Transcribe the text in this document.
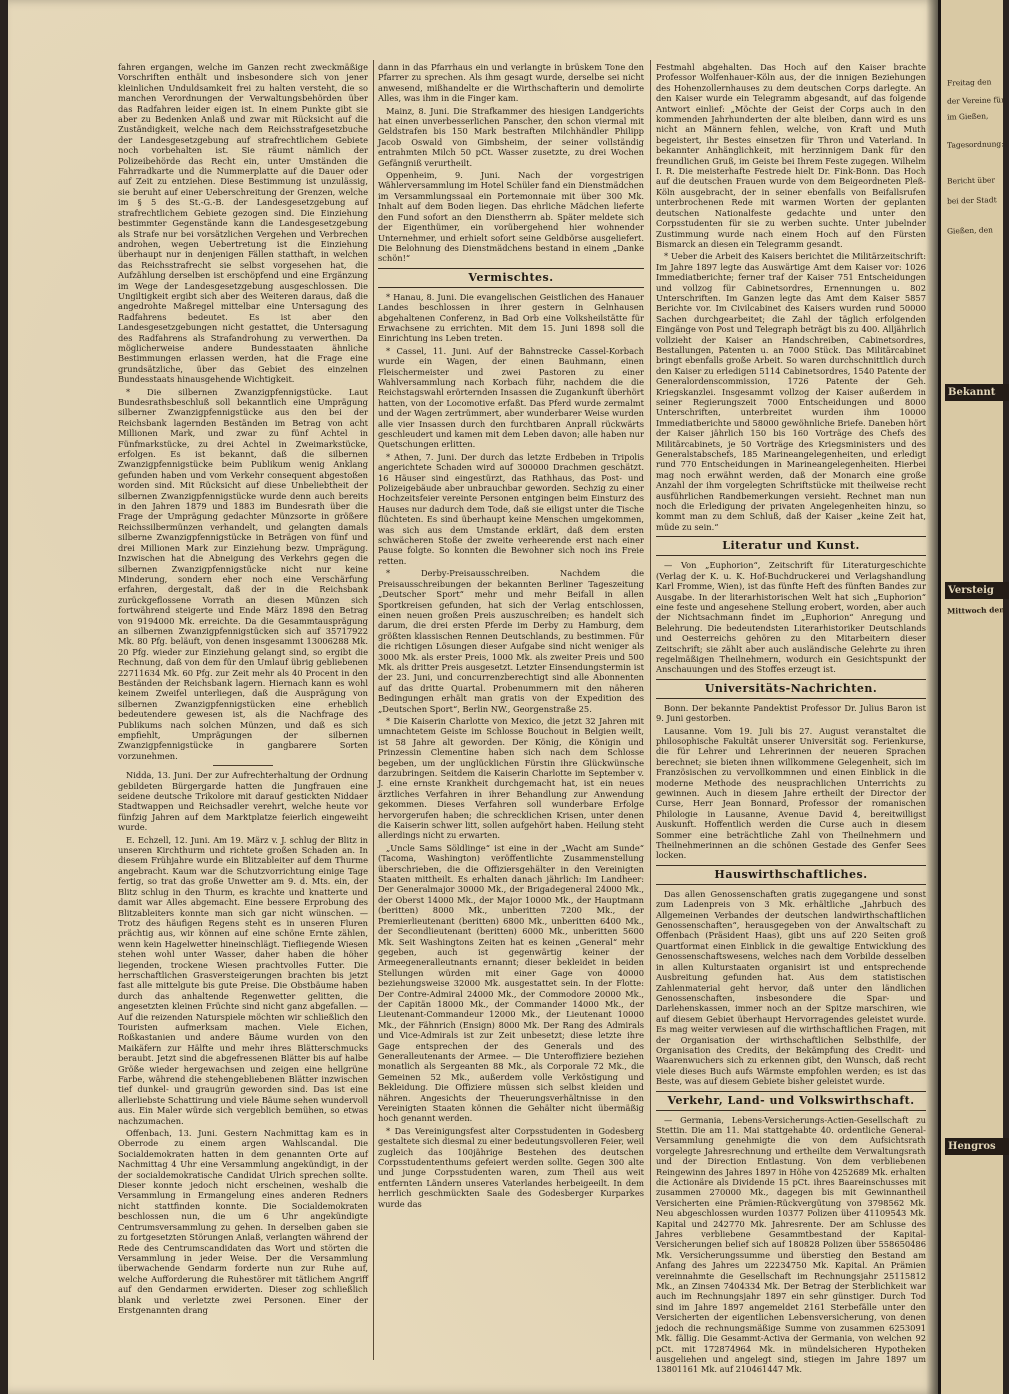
fahren ergangen, welche im Ganzen recht zweckmäßige Vorschriften enthält und insbesondere sich von jener kleinlichen Unduldsamkeit frei zu halten versteht, die so manchen Verordnungen der Verwaltungsbehörden über das Radfahren leider eigen ist. In einem Punkte gibt sie aber zu Bedenken Anlaß und zwar mit Rücksicht auf die Zuständigkeit, welche nach dem Reichsstrafgesetzbuche der Landesgesetzgebung auf strafrechtlichem Gebiete noch vorbehalten ist. Sie räumt nämlich der Polizeibehörde das Recht ein, unter Umständen die Fahrradkarte und die Nummerplatte auf die Dauer oder auf Zeit zu entziehen. Diese Bestimmung ist unzulässig, sie beruht auf einer Ueberschreitung der Grenzen, welche im § 5 des St.-G.-B. der Landesgesetzgebung auf strafrechtlichem Gebiete gezogen sind. Die Einziehung bestimmter Gegenstände kann die Landesgesetzgebung als Strafe nur bei vorsätzlichen Vergehen und Verbrechen androhen, wegen Uebertretung ist die Einziehung überhaupt nur in denjenigen Fällen statthaft, in welchen das Reichsstrafrecht sie selbst vorgesehen hat, die Aufzählung derselben ist erschöpfend und eine Ergänzung im Wege der Landesgesetzgebung ausgeschlossen. Die Ungiltigkeit ergibt sich aber des Weiteren daraus, daß die angedrohte Maßregel mittelbar eine Untersagung des Radfahrens bedeutet. Es ist aber den Landesgesetzgebungen nicht gestattet, die Untersagung des Radfahrens als Strafandrohung zu verwerthen. Da möglicherweise andere Bundesstaaten ähnliche Bestimmungen erlassen werden, hat die Frage eine grundsätzliche, über das Gebiet des einzelnen Bundesstaats hinausgehende Wichtigkeit.

* Die silbernen Zwanzigpfennigstücke. Laut Bundesrathsbeschluß soll bekanntlich eine Umprägung silberner Zwanzigpfennigstücke aus den bei der Reichsbank lagernden Beständen im Betrag von acht Millionen Mark, und zwar zu fünf Achtel in Fünfmarkstücke, zu drei Achtel in Zweimarkstücke, erfolgen. Es ist bekannt, daß die silbernen Zwanzigpfennigstücke beim Publikum wenig Anklang gefunden haben und vom Verkehr consequent abgestoßen worden sind. Mit Rücksicht auf diese Unbeliebtheit der silbernen Zwanzigpfennigstücke wurde denn auch bereits in den Jahren 1879 und 1883 im Bundesrath über die Frage der Umprägung gedachter Münzsorte in größere Reichssilbermünzen verhandelt, und gelangten damals silberne Zwanzigpfennigstücke in Beträgen von fünf und drei Millionen Mark zur Einziehung bezw. Umprägung. Inzwischen hat die Abneigung des Verkehrs gegen die silbernen Zwanzigpfennigstücke nicht nur keine Minderung, sondern eher noch eine Verschärfung erfahren, dergestalt, daß der in die Reichsbank zurückgeflossene Vorrath an diesen Münzen sich fortwährend steigerte und Ende März 1898 den Betrag von 9194000 Mk. erreichte. Da die Gesammtausprägung an silbernen Zwanzigpfennigstücken sich auf 35717922 Mk. 80 Pfg. beläuft, von denen insgesammt 13006288 Mk. 20 Pfg. wieder zur Einziehung gelangt sind, so ergibt die Rechnung, daß von dem für den Umlauf übrig gebliebenen 22711634 Mk. 60 Pfg. zur Zeit mehr als 40 Procent in den Beständen der Reichsbank lagern. Hiernach kann es wohl keinem Zweifel unterliegen, daß die Ausprägung von silbernen Zwanzigpfennigstücken eine erheblich bedeutendere gewesen ist, als die Nachfrage des Publikums nach solchen Münzen, und daß es sich empfiehlt, Umprägungen der silbernen Zwanzigpfennigstücke in gangbarere Sorten vorzunehmen.

Nidda, 13. Juni. Der zur Aufrechterhaltung der Ordnung gebildeten Bürgergarde hatten die Jungfrauen eine seidene deutsche Trikolore mit darauf gestickten Niddaer Stadtwappen und Reichsadler verehrt, welche heute vor fünfzig Jahren auf dem Marktplatze feierlich eingeweiht wurde.

E. Echzell, 12. Juni. Am 19. März v. J. schlug der Blitz in unseren Kirchthurm und richtete großen Schaden an. In diesem Frühjahre wurde ein Blitzableiter auf dem Thurme angebracht. Kaum war die Schutzvorrichtung einige Tage fertig, so trat das große Unwetter am 9. d. Mts. ein, der Blitz schlug in den Thurm, es krachte und knatterte und damit war Alles abgemacht. Eine bessere Erprobung des Blitzableiters konnte man sich gar nicht wünschen. — Trotz des häufigen Regens steht es in unseren Fluren prächtig aus, wir können auf eine schöne Ernte zählen, wenn kein Hagelwetter hineinschlägt. Tiefliegende Wiesen stehen wohl unter Wasser, daher haben die höher liegenden, trockene Wiesen prachtvolles Futter. Die herrschaftlichen Grasversteigerungen brachten bis jetzt fast alle mittelgute bis gute Preise. Die Obstbäume haben durch das anhaltende Regenwetter gelitten, die angesetzten kleinen Früchte sind nicht ganz abgefallen. — Auf die reizenden Naturspiele möchten wir schließlich den Touristen aufmerksam machen. Viele Eichen, Roßkastanien und andere Bäume wurden von den Maikäfern zur Hälfte und mehr ihres Blätterschmucks beraubt. Jetzt sind die abgefressenen Blätter bis auf halbe Größe wieder hergewachsen und zeigen eine hellgrüne Farbe, während die stehengebliebenen Blätter inzwischen tief dunkel- und graugrün geworden sind. Das ist eine allerliebste Schattirung und viele Bäume sehen wundervoll aus. Ein Maler würde sich vergeblich bemühen, so etwas nachzumachen.

Offenbach, 13. Juni. Gestern Nachmittag kam es in Oberrode zu einem argen Wahlscandal. Die Socialdemokraten hatten in dem genannten Orte auf Nachmittag 4 Uhr eine Versammlung angekündigt, in der der socialdemokratische Candidat Ulrich sprechen sollte. Dieser konnte jedoch nicht erscheinen, weshalb die Versammlung in Ermangelung eines anderen Redners nicht stattfinden konnte. Die Socialdemokraten beschlossen nun, die um 6 Uhr angekündigte Centrumsversammlung zu gehen. In derselben gaben sie zu fortgesetzten Störungen Anlaß, verlangten während der Rede des Centrumscandidaten das Wort und störten die Versammlung in jeder Weise. Der die Versammlung überwachende Gendarm forderte nun zur Ruhe auf, welche Aufforderung die Ruhestörer mit tätlichem Angriff auf den Gendarmen erwiderten. Dieser zog schließlich blank und verletzte zwei Personen. Einer der Erstgenannten drang

dann in das Pfarrhaus ein und verlangte in brüskem Tone den Pfarrer zu sprechen. Als ihm gesagt wurde, derselbe sei nicht anwesend, mißhandelte er die Wirthschafterin und demolirte Alles, was ihm in die Finger kam.

Mainz, 8. Juni. Die Strafkammer des hiesigen Landgerichts hat einen unverbesserlichen Panscher, den schon viermal mit Geldstrafen bis 150 Mark bestraften Milchhändler Philipp Jacob Oswald von Gimbsheim, der seiner vollständig entrahmten Milch 50 pCt. Wasser zusetzte, zu drei Wochen Gefängniß verurtheilt.

Oppenheim, 9. Juni. Nach der vorgestrigen Wählerversammlung im Hotel Schüler fand ein Dienstmädchen im Versammlungssaal ein Portemonnaie mit über 300 Mk. Inhalt auf dem Boden liegen. Das ehrliche Mädchen lieferte den Fund sofort an den Dienstherrn ab. Später meldete sich der Eigenthümer, ein vorübergehend hier wohnender Unternehmer, und erhielt sofort seine Geldbörse ausgeliefert. Die Belohnung des Dienstmädchens bestand in einem „Danke schön!“

Vermischtes.

* Hanau, 8. Juni. Die evangelischen Geistlichen des Hanauer Landes beschlossen in ihrer gestern in Gelnhausen abgehaltenen Conferenz, in Bad Orb eine Volksheilstätte für Erwachsene zu errichten. Mit dem 15. Juni 1898 soll die Einrichtung ins Leben treten.

* Cassel, 11. Juni. Auf der Bahnstrecke Cassel-Korbach wurde ein Wagen, der einen Bauhmann, einen Fleischermeister und zwei Pastoren zu einer Wahlversammlung nach Korbach führ, nachdem die die Reichstagswahl erörternden Insassen die Zugankunft überhört hatten, von der Locomotive erfaßt. Das Pferd wurde zermalmt und der Wagen zertrümmert, aber wunderbarer Weise wurden alle vier Insassen durch den furchtbaren Anprall rückwärts geschleudert und kamen mit dem Leben davon; alle haben nur Quetschungen erlitten.

* Athen, 7. Juni. Der durch das letzte Erdbeben in Tripolis angerichtete Schaden wird auf 300000 Drachmen geschätzt. 16 Häuser sind eingestürzt, das Rathhaus, das Post- und Polizeigebäude aber unbrauchbar geworden. Sechzig zu einer Hochzeitsfeier vereinte Personen entgingen beim Einsturz des Hauses nur dadurch dem Tode, daß sie eiligst unter die Tische flüchteten. Es sind überhaupt keine Menschen umgekommen, was sich aus dem Umstande erklärt, daß dem ersten schwächeren Stoße der zweite verheerende erst nach einer Pause folgte. So konnten die Bewohner sich noch ins Freie retten.

* Derby-Preisausschreiben. Nachdem die Preisausschreibungen der bekannten Berliner Tageszeitung „Deutscher Sport“ mehr und mehr Beifall in allen Sportkreisen gefunden, hat sich der Verlag entschlossen, einen neuen großen Preis auszuschreiben; es handelt sich darum, die drei ersten Pferde im Derby zu Hamburg, dem größten klassischen Rennen Deutschlands, zu bestimmen. Für die richtigen Lösungen dieser Aufgabe sind nicht weniger als 3000 Mk. als erster Preis, 1000 Mk. als zweiter Preis und 500 Mk. als dritter Preis ausgesetzt. Letzter Einsendungstermin ist der 23. Juni, und concurrenzberechtigt sind alle Abonnenten auf das dritte Quartal. Probenummern mit den näheren Bedingungen erhält man gratis von der Expedition des „Deutschen Sport“, Berlin NW., Georgenstraße 25.

* Die Kaiserin Charlotte von Mexico, die jetzt 32 Jahren mit umnachtetem Geiste im Schlosse Bouchout in Belgien weilt, ist 58 Jahre alt geworden. Der König, die Königin und Prinzessin Clementine haben sich nach dem Schlosse begeben, um der unglücklichen Fürstin ihre Glückwünsche darzubringen. Seitdem die Kaiserin Charlotte im September v. J. eine ernste Krankheit durchgemacht hat, ist ein neues ärztliches Verfahren in ihrer Behandlung zur Anwendung gekommen. Dieses Verfahren soll wunderbare Erfolge hervorgerufen haben; die schrecklichen Krisen, unter denen die Kaiserin schwer litt, sollen aufgehört haben. Heilung steht allerdings nicht zu erwarten.

„Uncle Sams Söldlinge“ ist eine in der „Wacht am Sunde“ (Tacoma, Washington) veröffentlichte Zusammenstellung überschrieben, die die Offiziersgehälter in den Vereinigten Staaten mittheilt. Es erhalten danach jährlich: Im Landheer: Der Generalmajor 30000 Mk., der Brigadegeneral 24000 Mk., der Oberst 14000 Mk., der Major 10000 Mk., der Hauptmann (beritten) 8000 Mk., unberitten 7200 Mk., der Premierlieutenant (beritten) 6800 Mk., unberitten 6400 Mk., der Secondlieutenant (beritten) 6000 Mk., unberitten 5600 Mk. Seit Washingtons Zeiten hat es keinen „General“ mehr gegeben, auch ist gegenwärtig keiner der Armeegeneralleutnants ernannt; dieser bekleidet in beiden Stellungen würden mit einer Gage von 40000 beziehungsweise 32000 Mk. ausgestattet sein. In der Flotte: Der Contre-Admiral 24000 Mk., der Commodore 20000 Mk., der Capitän 18000 Mk., der Commander 14000 Mk., der Lieutenant-Commandeur 12000 Mk., der Lieutenant 10000 Mk., der Fähnrich (Ensign) 8000 Mk. Der Rang des Admirals und Vice-Admirals ist zur Zeit unbesetzt; diese letzte ihre Gage entsprechen der des Generals und des Generalleutenants der Armee. — Die Unteroffiziere beziehen monatlich als Sergeanten 88 Mk., als Corporale 72 Mk., die Gemeinen 52 Mk., außerdem volle Verköstigung und Bekleidung. Die Offiziere müssen sich selbst kleiden und nähren. Angesichts der Theuerungsverhältnisse in den Vereinigten Staaten können die Gehälter nicht übermäßig hoch genannt werden.

* Das Vereinigungsfest alter Corpsstudenten in Godesberg gestaltete sich diesmal zu einer bedeutungsvolleren Feier, weil zugleich das 100jährige Bestehen des deutschen Corpsstudententhums gefeiert werden sollte. Gegen 300 alte und junge Corpsstudenten waren, zum Theil aus weit entfernten Ländern unseres Vaterlandes herbeigeeilt. In dem herrlich geschmückten Saale des Godesberger Kurparkes wurde das

Festmahl abgehalten. Das Hoch auf den Kaiser brachte Professor Wolfenhauer-Köln aus, der die innigen Beziehungen des Hohenzollernhauses zu dem deutschen Corps darlegte. An den Kaiser wurde ein Telegramm abgesandt, auf das folgende Antwort einlief: „Möchte der Geist der Corps auch in den kommenden Jahrhunderten der alte bleiben, dann wird es uns nicht an Männern fehlen, welche, von Kraft und Muth begeistert, ihr Bestes einsetzen für Thron und Vaterland. In bekannter Anhänglichkeit, mit herzinnigem Dank für den freundlichen Gruß, im Geiste bei Ihrem Feste zugegen. Wilhelm I. R. Die meisterhafte Festrede hielt Dr. Fink-Bonn. Das Hoch auf die deutschen Frauen wurde von dem Beigeordneten Pleß-Köln ausgebracht, der in seiner ebenfalls von Beifallsrufen unterbrochenen Rede mit warmen Worten der geplanten deutschen Nationalfeste gedachte und unter den Corpsstudenten für sie zu werben suchte. Unter jubelnder Zustimmung wurde nach einem Hoch auf den Fürsten Bismarck an diesen ein Telegramm gesandt.

* Ueber die Arbeit des Kaisers berichtet die Militärzeitschrift: Im Jahre 1897 legte das Auswärtige Amt dem Kaiser vor: 1026 Immediatberichte; ferner traf der Kaiser 751 Entscheidungen und vollzog für Cabinetsordres, Ernennungen u. 802 Unterschriften. Im Ganzen legte das Amt dem Kaiser 5857 Berichte vor. Im Civilcabinet des Kaisers wurden rund 50000 Sachen durchgearbeitet; die Zahl der täglich erfolgenden Eingänge von Post und Telegraph beträgt bis zu 400. Alljährlich vollzieht der Kaiser an Handschreiben, Cabinetsordres, Bestallungen, Patenten u. an 7000 Stück. Das Militärcabinet bringt ebenfalls große Arbeit. So waren durchschnittlich durch den Kaiser zu erledigen 5114 Cabinetsordres, 1540 Patente der Generalordenscommission, 1726 Patente der Geh. Kriegskanzlei. Insgesammt vollzog der Kaiser außerdem in seiner Regierungszeit 7000 Entscheidungen und 8000 Unterschriften, unterbreitet wurden ihm 10000 Immediatberichte und 58000 gewöhnliche Briefe. Daneben hört der Kaiser jährlich 150 bis 160 Vorträge des Chefs des Militärcabinets, je 50 Vorträge des Kriegsministers und des Generalstabschefs, 185 Marineangelegenheiten, und erledigt rund 770 Entscheidungen in Marineangelegenheiten. Hierbei mag noch erwähnt werden, daß der Monarch eine große Anzahl der ihm vorgelegten Schriftstücke mit theilweise recht ausführlichen Randbemerkungen versieht. Rechnet man nun noch die Erledigung der privaten Angelegenheiten hinzu, so kommt man zu dem Schluß, daß der Kaiser „keine Zeit hat, müde zu sein.“

Literatur und Kunst.

— Von „Euphorion“, Zeitschrift für Literaturgeschichte (Verlag der K. u. K. Hof-Buchdruckerei und Verlagshandlung Karl Fromme, Wien), ist das fünfte Heft des fünften Bandes zur Ausgabe. In der literarhistorischen Welt hat sich „Euphorion“ eine feste und angesehene Stellung erobert, worden, aber auch der Nichtsachmann findet im „Euphorion“ Anregung und Belehrung. Die bedeutendsten Literarhistoriker Deutschlands und Oesterreichs gehören zu den Mitarbeitern dieser Zeitschrift; sie zählt aber auch ausländische Gelehrte zu ihren regelmäßigen Theilnehmern, wodurch ein Gesichtspunkt der Anschauungen und des Stoffes erzeugt ist.

Universitäts-Nachrichten.

Bonn. Der bekannte Pandektist Professor Dr. Julius Baron ist 9. Juni gestorben.

Lausanne. Vom 19. Juli bis 27. August veranstaltet die philosophische Fakultät unserer Universität sog. Ferienkurse, die für Lehrer und Lehrerinnen der neueren Sprachen berechnet; sie bieten ihnen willkommene Gelegenheit, sich im Französischen zu vervollkommnen und einen Einblick in die moderne Methode des neusprachlichen Unterrichts zu gewinnen. Auch in diesem Jahre ertheilt der Director der Curse, Herr Jean Bonnard, Professor der romanischen Philologie in Lausanne, Avenue David 4, bereitwilligst Auskunft. Hoffentlich werden die Curse auch in diesem Sommer eine beträchtliche Zahl von Theilnehmern und Theilnehmerinnen an die schönen Gestade des Genfer Sees locken.

Hauswirthschaftliches.

Das allen Genossenschaften gratis zugegangene und sonst zum Ladenpreis von 3 Mk. erhältliche „Jahrbuch des Allgemeinen Verbandes der deutschen landwirthschaftlichen Genossenschaften“, herausgegeben von der Anwaltschaft zu Offenbach (Präsident Haas), gibt uns auf 220 Seiten groß Quartformat einen Einblick in die gewaltige Entwicklung des Genossenschaftswesens, welches nach dem Vorbilde desselben in allen Kulturstaaten organisirt ist und entsprechende Ausbreitung gefunden hat. Aus dem statistischen Zahlenmaterial geht hervor, daß unter den ländlichen Genossenschaften, insbesondere die Spar- und Darlehenskassen, immer noch an der Spitze marschiren, wie auf diesem Gebiet überhaupt Hervorragendes geleistet wurde. Es mag weiter verwiesen auf die wirthschaftlichen Fragen, mit der Organisation der wirthschaftlichen Selbsthilfe, der Organisation des Credits, der Bekämpfung des Credit- und Waarenwuchers sich zu erkennen gibt, den Wunsch, daß recht viele dieses Buch aufs Wärmste empfohlen werden; es ist das Beste, was auf diesem Gebiete bisher geleistet wurde.

Verkehr, Land- und Volkswirthschaft.

— Germania, Lebens-Versicherungs-Actien-Gesellschaft zu Stettin. Die am 11. Mai stattgehabte 40. ordentliche General-Versammlung genehmigte die von dem Aufsichtsrath vorgelegte Jahresrechnung und ertheilte dem Verwaltungsrath und der Direction Entlastung. Von dem verbliebenen Reingewinn des Jahres 1897 in Höhe von 4252689 Mk. erhalten die Actionäre als Dividende 15 pCt. ihres Baareinschusses mit zusammen 270000 Mk., dagegen bis mit Gewinnantheil Versicherten eine Prämien-Rückvergütung von 3798562 Mk. Neu abgeschlossen wurden 10377 Polizen über 41109543 Mk. Kapital und 242770 Mk. Jahresrente. Der am Schlusse des Jahres verbliebene Gesammtbestand der Kapital-Versicherungen belief sich auf 180828 Polizen über 558650486 Mk. Versicherungssumme und überstieg den Bestand am Anfang des Jahres um 22234750 Mk. Kapital. An Prämien vereinnahmte die Gesellschaft im Rechnungsjahr 25115812 Mk., an Zinsen 7404334 Mk. Der Betrag der Sterblichkeit war auch im Rechnungsjahr 1897 ein sehr günstiger. Durch Tod sind im Jahre 1897 angemeldet 2161 Sterbefälle unter den Versicherten der eigentlichen Lebensversicherung, von denen jedoch die rechnungsmäßige Summe von zusammen 6253091 Mk. fällig. Die Gesammt-Activa der Germania, von welchen 92 pCt. mit 172874964 Mk. in mündelsicheren Hypotheken ausgeliehen und angelegt sind, stiegen im Jahre 1897 um 13801161 Mk. auf 210461447 Mk.

Freitag den
der Vereine für
im Gießen,
Tagesordnung:
Bericht über
bei der Stadt
Gießen, den
Bekannt
Versteig
Mittwoch den
Hengros
